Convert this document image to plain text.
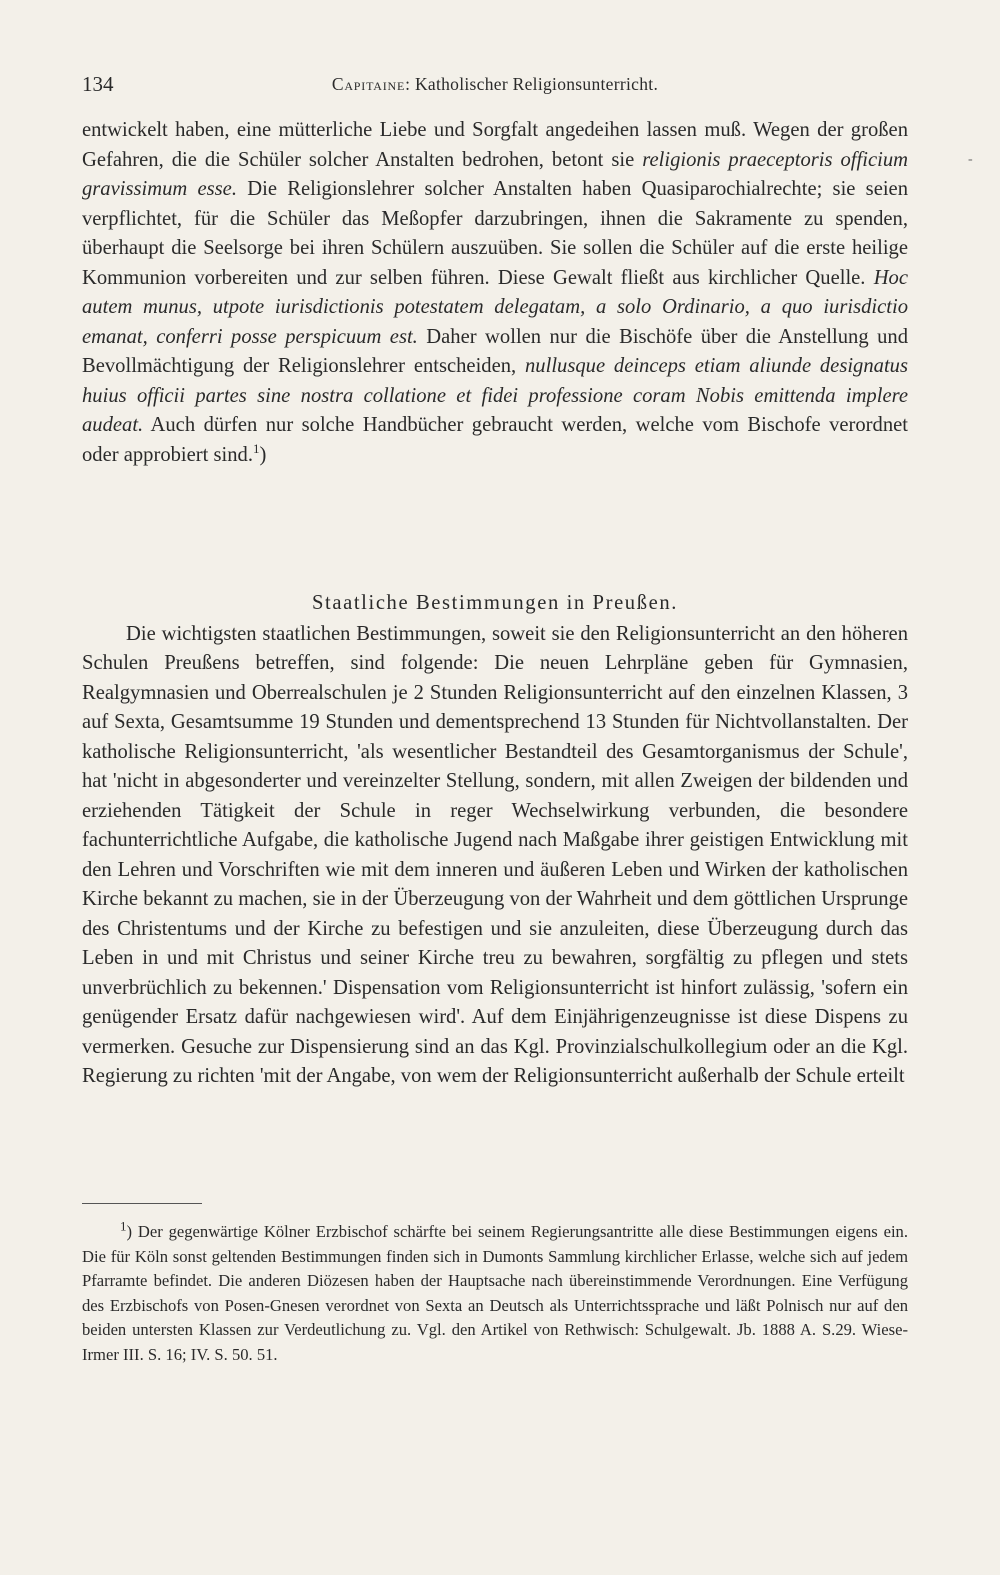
134	Capitaine: Katholischer Religionsunterricht.
-

entwickelt haben, eine mütterliche Liebe und Sorgfalt angedeihen lassen muß. Wegen der großen Gefahren, die die Schüler solcher Anstalten bedrohen, betont sie religionis praeceptoris officium gravissimum esse. Die Religionslehrer solcher Anstalten haben Quasiparochialrechte; sie seien verpflichtet, für die Schüler das Meßopfer darzubringen, ihnen die Sakramente zu spenden, überhaupt die Seelsorge bei ihren Schülern auszuüben. Sie sollen die Schüler auf die erste heilige Kommunion vorbereiten und zur selben führen. Diese Gewalt fließt aus kirchlicher Quelle. Hoc autem munus, utpote iurisdictionis potestatem delegatam, a solo Ordinario, a quo iurisdictio emanat, conferri posse perspicuum est. Daher wollen nur die Bischöfe über die Anstellung und Bevollmächtigung der Religionslehrer entscheiden, nullusque deinceps etiam aliunde designatus huius officii partes sine nostra collatione et fidei professione coram Nobis emittenda implere audeat. Auch dürfen nur solche Handbücher gebraucht werden, welche vom Bischofe verordnet oder approbiert sind.$^1$)

Staatliche Bestimmungen in Preußen.

Die wichtigsten staatlichen Bestimmungen, soweit sie den Religionsunterricht an den höheren Schulen Preußens betreffen, sind folgende: Die neuen Lehrpläne geben für Gymnasien, Realgymnasien und Oberrealschulen je 2 Stunden Religionsunterricht auf den einzelnen Klassen, 3 auf Sexta, Gesamtsumme 19 Stunden und dementsprechend 13 Stunden für Nichtvollanstalten. Der katholische Religionsunterricht, 'als wesentlicher Bestandteil des Gesamtorganismus der Schule', hat 'nicht in abgesonderter und vereinzelter Stellung, sondern, mit allen Zweigen der bildenden und erziehenden Tätigkeit der Schule in reger Wechselwirkung verbunden, die besondere fachunterrichtliche Aufgabe, die katholische Jugend nach Maßgabe ihrer geistigen Entwicklung mit den Lehren und Vorschriften wie mit dem inneren und äußeren Leben und Wirken der katholischen Kirche bekannt zu machen, sie in der Überzeugung von der Wahrheit und dem göttlichen Ursprunge des Christentums und der Kirche zu befestigen und sie anzuleiten, diese Überzeugung durch das Leben in und mit Christus und seiner Kirche treu zu bewahren, sorgfältig zu pflegen und stets unverbrüchlich zu bekennen.' Dispensation vom Religionsunterricht ist hinfort zulässig, 'sofern ein genügender Ersatz dafür nachgewiesen wird'. Auf dem Einjährigenzeugnisse ist diese Dispens zu vermerken. Gesuche zur Dispensierung sind an das Kgl. Provinzialschulkollegium oder an die Kgl. Regierung zu richten 'mit der Angabe, von wem der Religionsunterricht außerhalb der Schule erteilt

$^1$) Der gegenwärtige Kölner Erzbischof schärfte bei seinem Regierungsantritte alle diese Bestimmungen eigens ein. Die für Köln sonst geltenden Bestimmungen finden sich in Dumonts Sammlung kirchlicher Erlasse, welche sich auf jedem Pfarramte befindet. Die anderen Diözesen haben der Hauptsache nach übereinstimmende Verordnungen. Eine Verfügung des Erzbischofs von Posen-Gnesen verordnet von Sexta an Deutsch als Unterrichtssprache und läßt Polnisch nur auf den beiden untersten Klassen zur Verdeutlichung zu. Vgl. den Artikel von Rethwisch: Schulgewalt. Jb. 1888 A. S.29. Wiese-Irmer III. S. 16; IV. S. 50. 51.
